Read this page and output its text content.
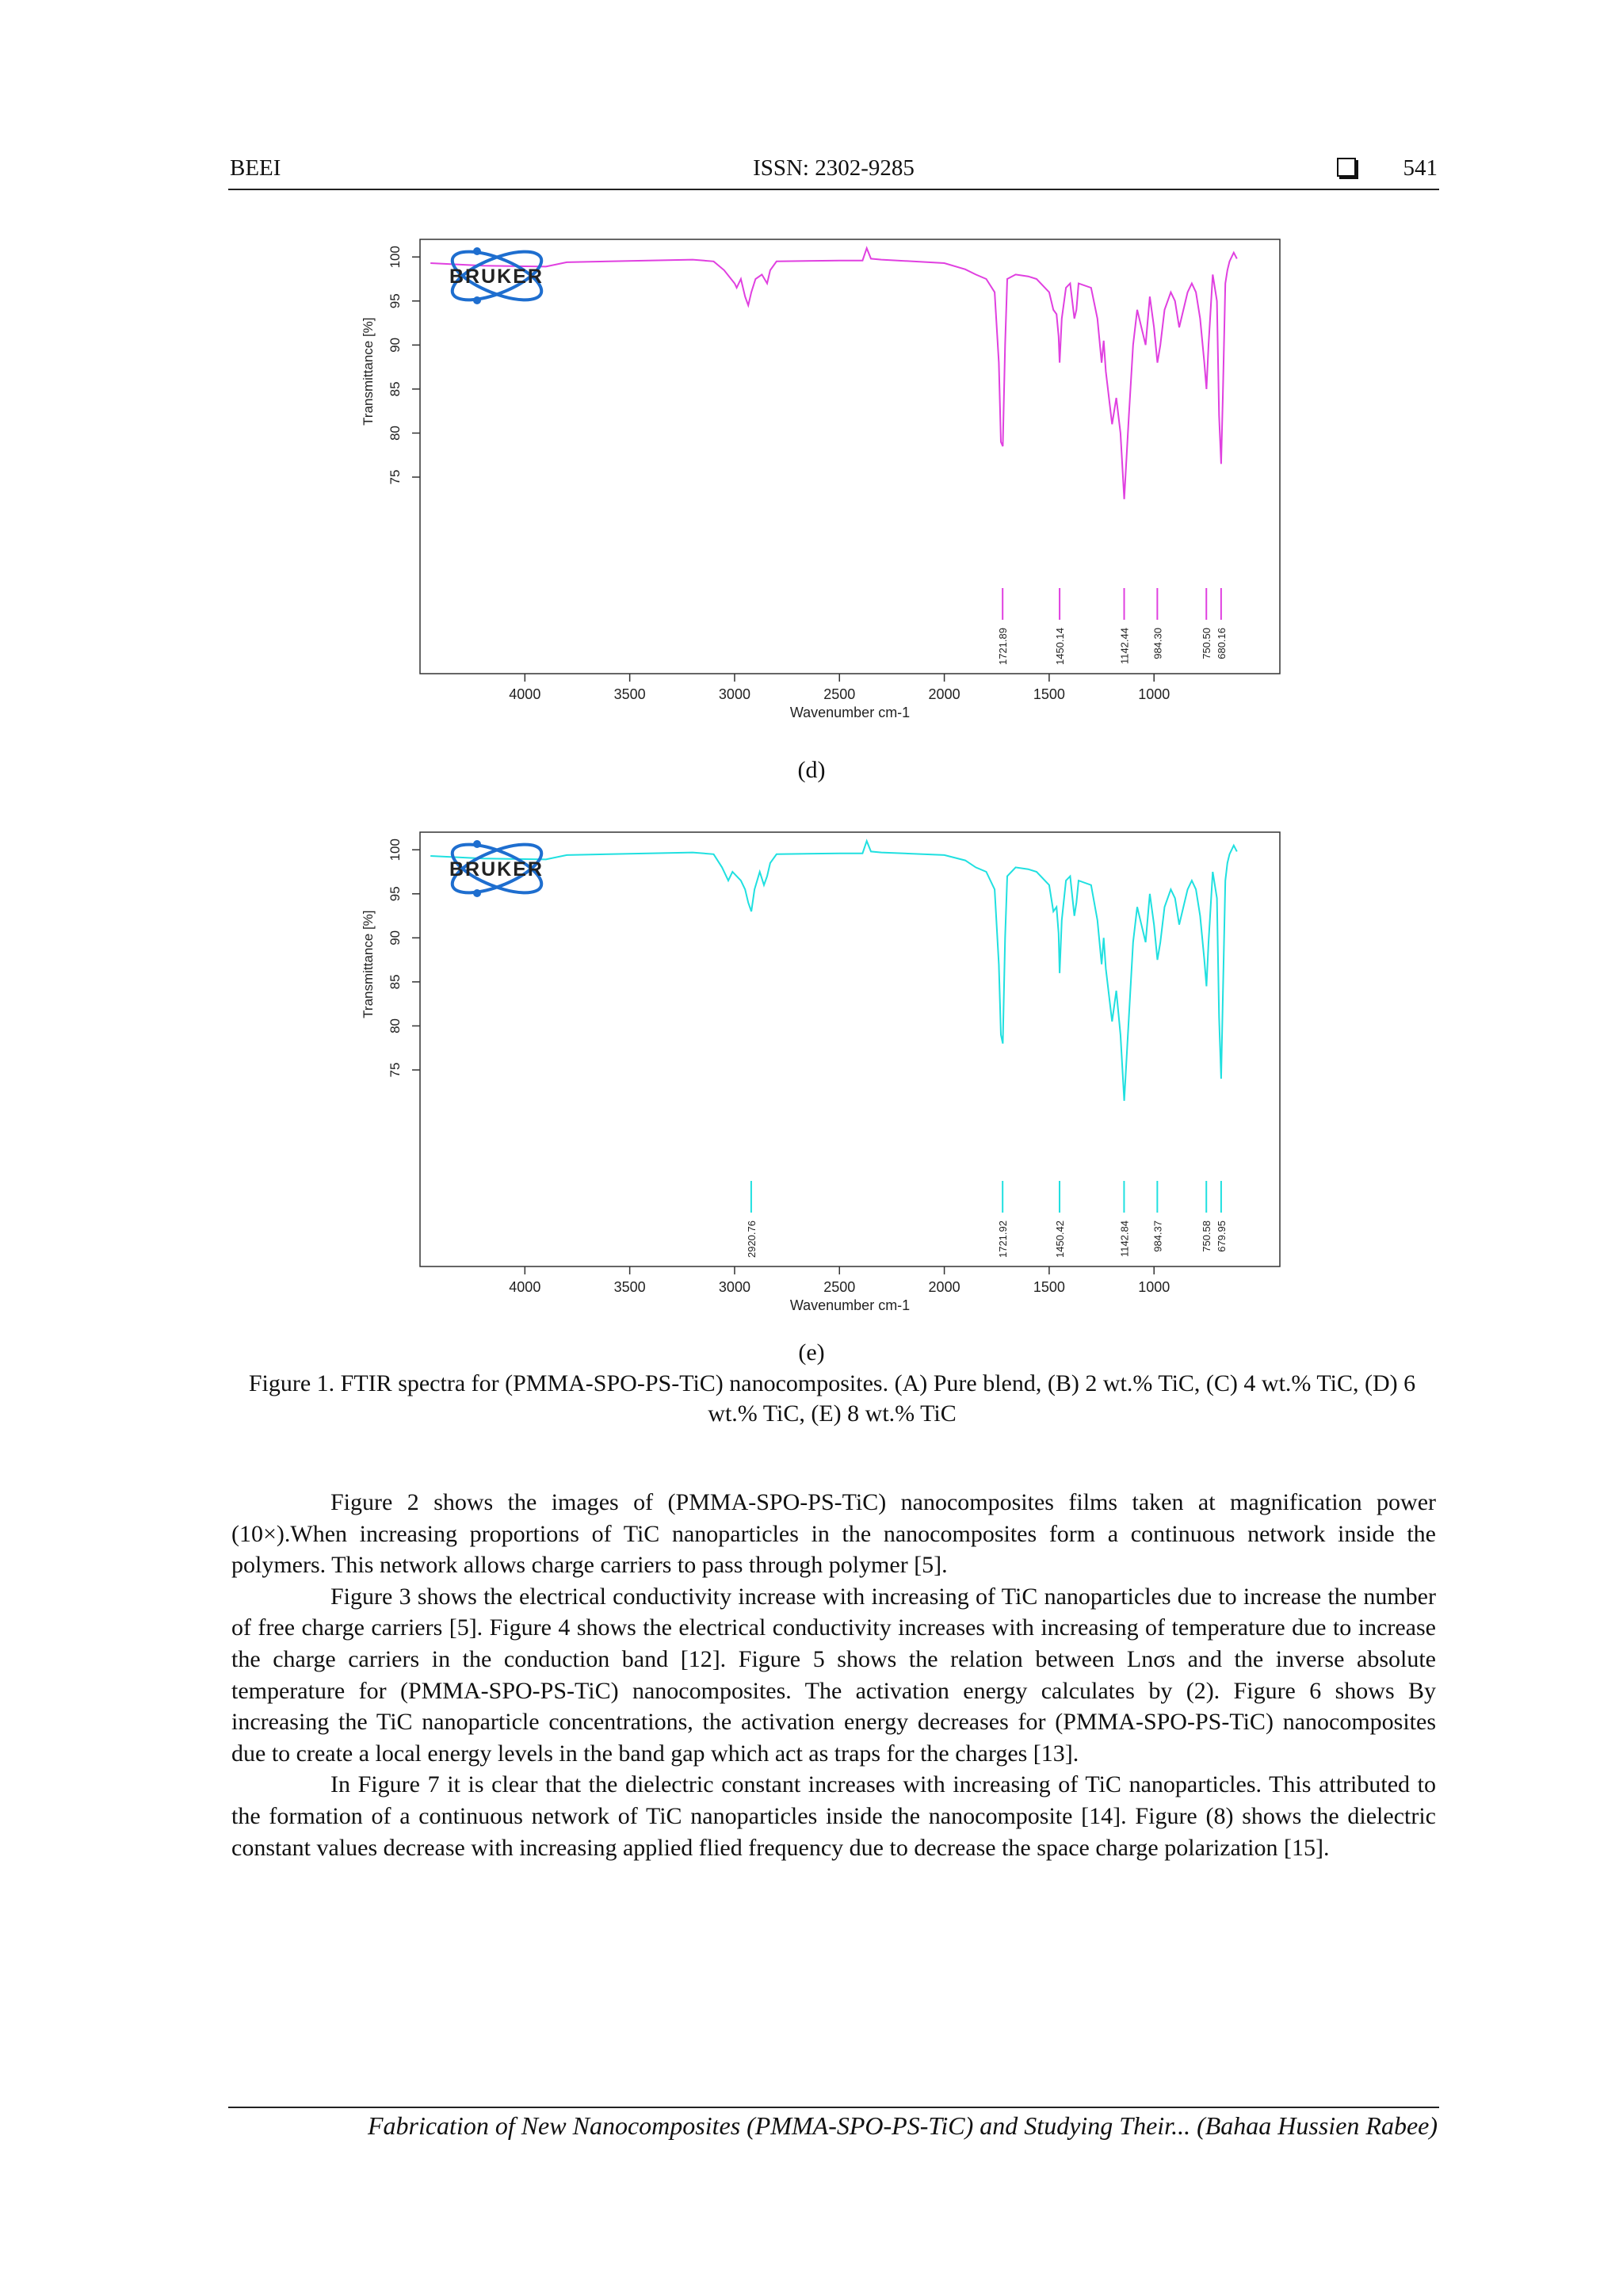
BEEI	ISSN: 2302-9285	541
75
80
85
90
95
100
Transmittance [%]
4000	3500	3000	2500	2000	1500	1000
Wavenumber cm-1
1721.89	1450.14	1142.44 984.30	750.50 680.16
BRUKER
(d)
75
80
85
90
95
100
Transmittance [%]
4000	3500	3000	2500	2000	1500	1000
Wavenumber cm-1
2920.76	1721.92	1450.42	1142.84 984.37	750.58 679.95
BRUKER
(e)
Figure 1. FTIR spectra for (PMMA-SPO-PS-TiC) nanocomposites. (A) Pure blend, (B) 2 wt.% TiC, (C) 4 wt.% TiC, (D) 6 wt.% TiC, (E) 8 wt.% TiC

Figure 2 shows the images of (PMMA-SPO-PS-TiC) nanocomposites films taken at magnification power (10×).When increasing proportions of TiC nanoparticles in the nanocomposites form a continuous network inside the polymers. This network allows charge carriers to pass through polymer [5].

Figure 3 shows the electrical conductivity increase with increasing of TiC nanoparticles due to increase the number of free charge carriers [5]. Figure 4 shows the electrical conductivity increases with increasing of temperature due to increase the charge carriers in the conduction band [12]. Figure 5 shows the relation between Lnσs and the inverse absolute temperature for (PMMA-SPO-PS-TiC) nanocomposites. The activation energy calculates by (2). Figure 6 shows By increasing the TiC nanoparticle concentrations, the activation energy decreases for (PMMA-SPO-PS-TiC) nanocomposites due to create a local energy levels in the band gap which act as traps for the charges [13].

In Figure 7 it is clear that the dielectric constant increases with increasing of TiC nanoparticles. This attributed to the formation of a continuous network of TiC nanoparticles inside the nanocomposite [14]. Figure (8) shows the dielectric constant values decrease with increasing applied flied frequency due to decrease the space charge polarization [15].

Fabrication of New Nanocomposites (PMMA-SPO-PS-TiC) and Studying Their... (Bahaa Hussien Rabee)
